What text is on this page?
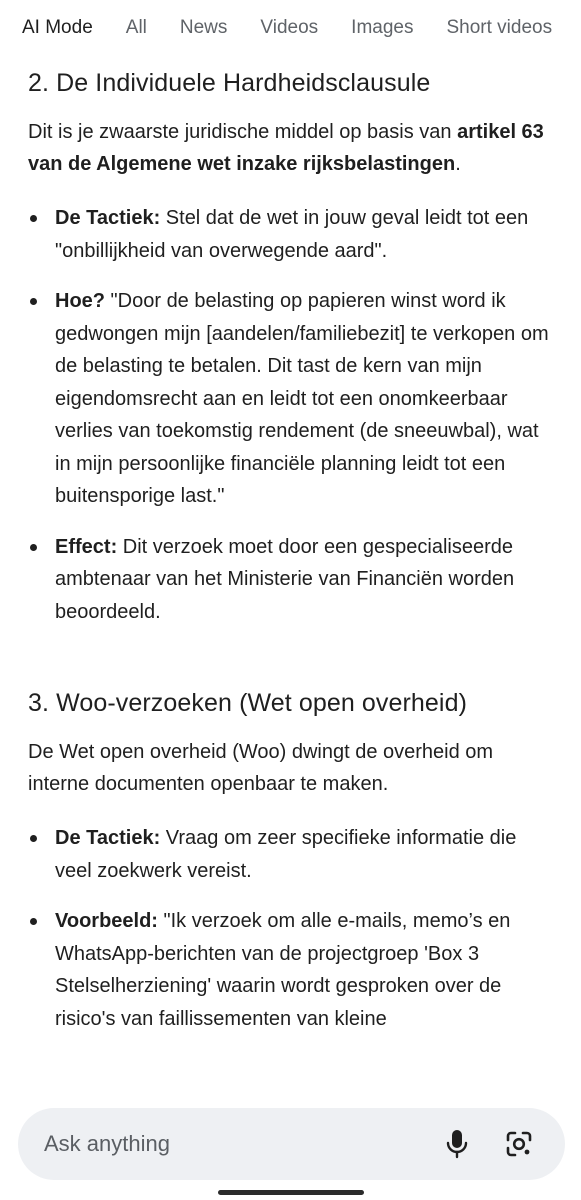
AI Mode All News Videos Images Short videos
2. De Individuele Hardheidsclausule

Dit is je zwaarste juridische middel op basis van artikel 63 van de Algemene wet inzake rijksbelastingen.

De Tactiek: Stel dat de wet in jouw geval leidt tot een "onbillijkheid van overwegende aard".
Hoe? "Door de belasting op papieren winst word ik gedwongen mijn [aandelen/familiebezit] te verkopen om de belasting te betalen. Dit tast de kern van mijn eigendomsrecht aan en leidt tot een onomkeerbaar verlies van toekomstig rendement (de sneeuwbal), wat in mijn persoonlijke financiële planning leidt tot een buitensporige last."
Effect: Dit verzoek moet door een gespecialiseerde ambtenaar van het Ministerie van Financiën worden beoordeeld.
3. Woo-verzoeken (Wet open overheid)

De Wet open overheid (Woo) dwingt de overheid om interne documenten openbaar te maken.

De Tactiek: Vraag om zeer specifieke informatie die veel zoekwerk vereist.
Voorbeeld: "Ik verzoek om alle e-mails, memo’s en WhatsApp-berichten van de projectgroep 'Box 3 Stelselherziening' waarin wordt gesproken over de risico's van faillissementen van kleine
Ask anything
